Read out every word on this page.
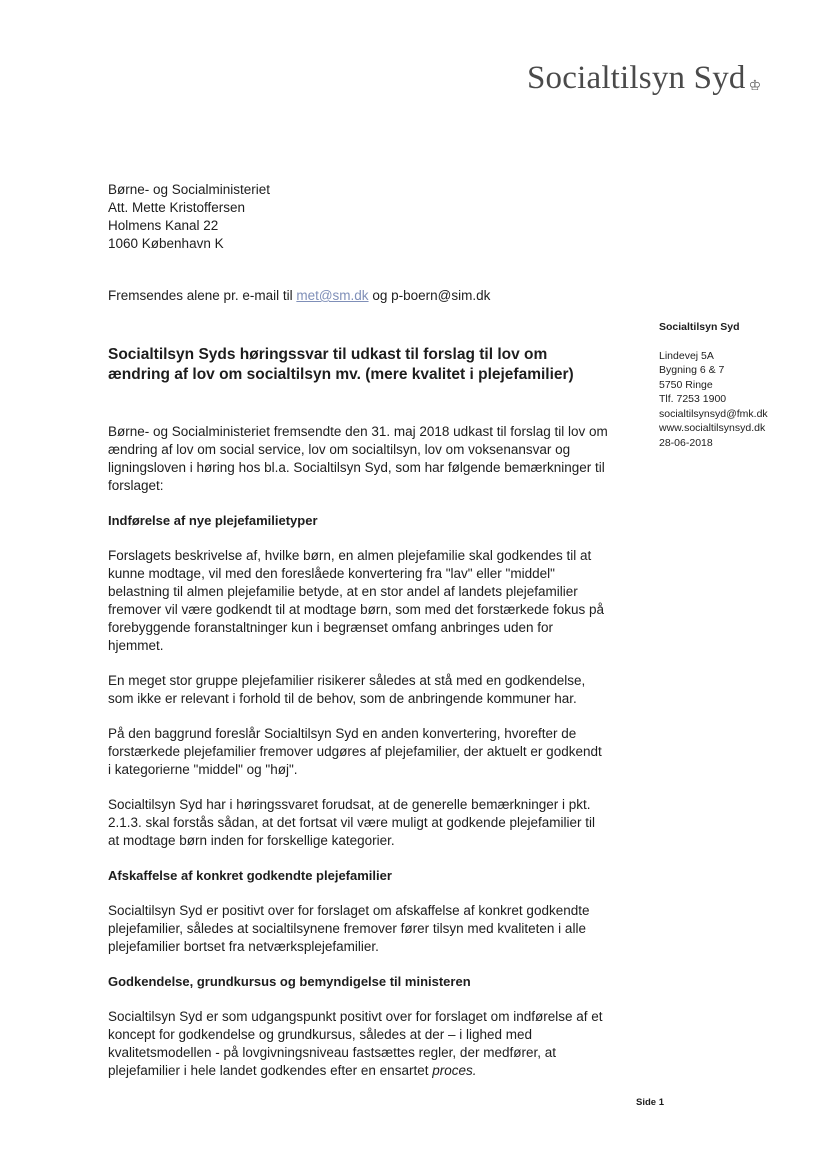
Socialtilsyn Syd ♔
Børne- og Socialministeriet
Att. Mette Kristoffersen
Holmens Kanal 22
1060 København K
Fremsendes alene pr. e-mail til met@sm.dk og p-boern@sim.dk
Socialtilsyn Syd
Lindevej 5A
Bygning 6 & 7
5750 Ringe
Tlf. 7253 1900
socialtilsynsyd@fmk.dk
www.socialtilsynsyd.dk
28-06-2018
Socialtilsyn Syds høringssvar til udkast til forslag til lov om ændring af lov om socialtilsyn mv. (mere kvalitet i plejefamilier)

Børne- og Socialministeriet fremsendte den 31. maj 2018 udkast til forslag til lov om ændring af lov om social service, lov om socialtilsyn, lov om voksenansvar og ligningsloven i høring hos bl.a. Socialtilsyn Syd, som har følgende bemærkninger til forslaget:

Indførelse af nye plejefamilietyper

Forslagets beskrivelse af, hvilke børn, en almen plejefamilie skal godkendes til at kunne modtage, vil med den foreslåede konvertering fra "lav" eller "middel" belastning til almen plejefamilie betyde, at en stor andel af landets plejefamilier fremover vil være godkendt til at modtage børn, som med det forstærkede fokus på forebyggende foranstaltninger kun i begrænset omfang anbringes uden for hjemmet.

En meget stor gruppe plejefamilier risikerer således at stå med en godkendelse, som ikke er relevant i forhold til de behov, som de anbringende kommuner har.

På den baggrund foreslår Socialtilsyn Syd en anden konvertering, hvorefter de forstærkede plejefamilier fremover udgøres af plejefamilier, der aktuelt er godkendt i kategorierne "middel" og "høj".

Socialtilsyn Syd har i høringssvaret forudsat, at de generelle bemærkninger i pkt. 2.1.3. skal forstås sådan, at det fortsat vil være muligt at godkende plejefamilier til at modtage børn inden for forskellige kategorier.

Afskaffelse af konkret godkendte plejefamilier

Socialtilsyn Syd er positivt over for forslaget om afskaffelse af konkret godkendte plejefamilier, således at socialtilsynene fremover fører tilsyn med kvaliteten i alle plejefamilier bortset fra netværksplejefamilier.

Godkendelse, grundkursus og bemyndigelse til ministeren

Socialtilsyn Syd er som udgangspunkt positivt over for forslaget om indførelse af et koncept for godkendelse og grundkursus, således at der – i lighed med kvalitetsmodellen - på lovgivningsniveau fastsættes regler, der medfører, at plejefamilier i hele landet godkendes efter en ensartet proces.

Side 1
